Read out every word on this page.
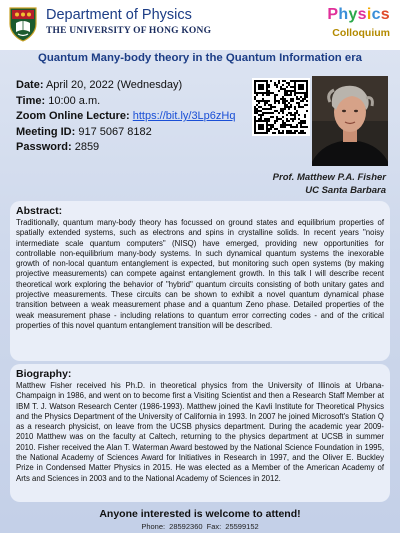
Department of Physics
THE UNIVERSITY OF HONG KONG
Physics
Colloquium
Quantum Many-body theory in the Quantum Information era
Date: April 20, 2022 (Wednesday)
Time: 10:00 a.m.
Zoom Online Lecture: https://bit.ly/3Lp6zHq
Meeting ID: 917 5067 8182
Password: 2859
Prof. Matthew P.A. Fisher
UC Santa Barbara
Abstract:

Traditionally, quantum many-body theory has focussed on ground states and equilibrium properties of spatially extended systems, such as electrons and spins in crystalline solids. In recent years "noisy intermediate scale quantum computers" (NISQ) have emerged, providing new opportunities for controllable non-equilibrium many-body systems. In such dynamical quantum systems the inexorable growth of non-local quantum entanglement is expected, but monitoring such open systems (by making projective measurements) can compete against entanglement growth. In this talk I will describe recent theoretical work exploring the behavior of "hybrid" quantum circuits consisting of both unitary gates and projective measurements. These circuits can be shown to exhibit a novel quantum dynamical phase transition between a weak measurement phase and a quantum Zeno phase. Detailed properties of the weak measurement phase - including relations to quantum error correcting codes - and of the critical properties of this novel quantum entanglement transition will be described.

Biography:

Matthew Fisher received his Ph.D. in theoretical physics from the University of Illinois at Urbana-Champaign in 1986, and went on to become first a Visiting Scientist and then a Research Staff Member at IBM T. J. Watson Research Center (1986-1993). Matthew joined the Kavli Institute for Theoretical Physics and the Physics Department of the University of California in 1993. In 2007 he joined Microsoft's Station Q as a research physicist, on leave from the UCSB physics department. During the academic year 2009-2010 Matthew was on the faculty at Caltech, returning to the physics department at UCSB in summer 2010. Fisher received the Alan T. Waterman Award bestowed by the National Science Foundation in 1995, the National Academy of Sciences Award for Initiatives in Research in 1997, and the Oliver E. Buckley Prize in Condensed Matter Physics in 2015. He was elected as a Member of the American Academy of Arts and Sciences in 2003 and to the National Academy of Sciences in 2012.

Anyone interested is welcome to attend!
Phone: 28592360 Fax: 25599152
